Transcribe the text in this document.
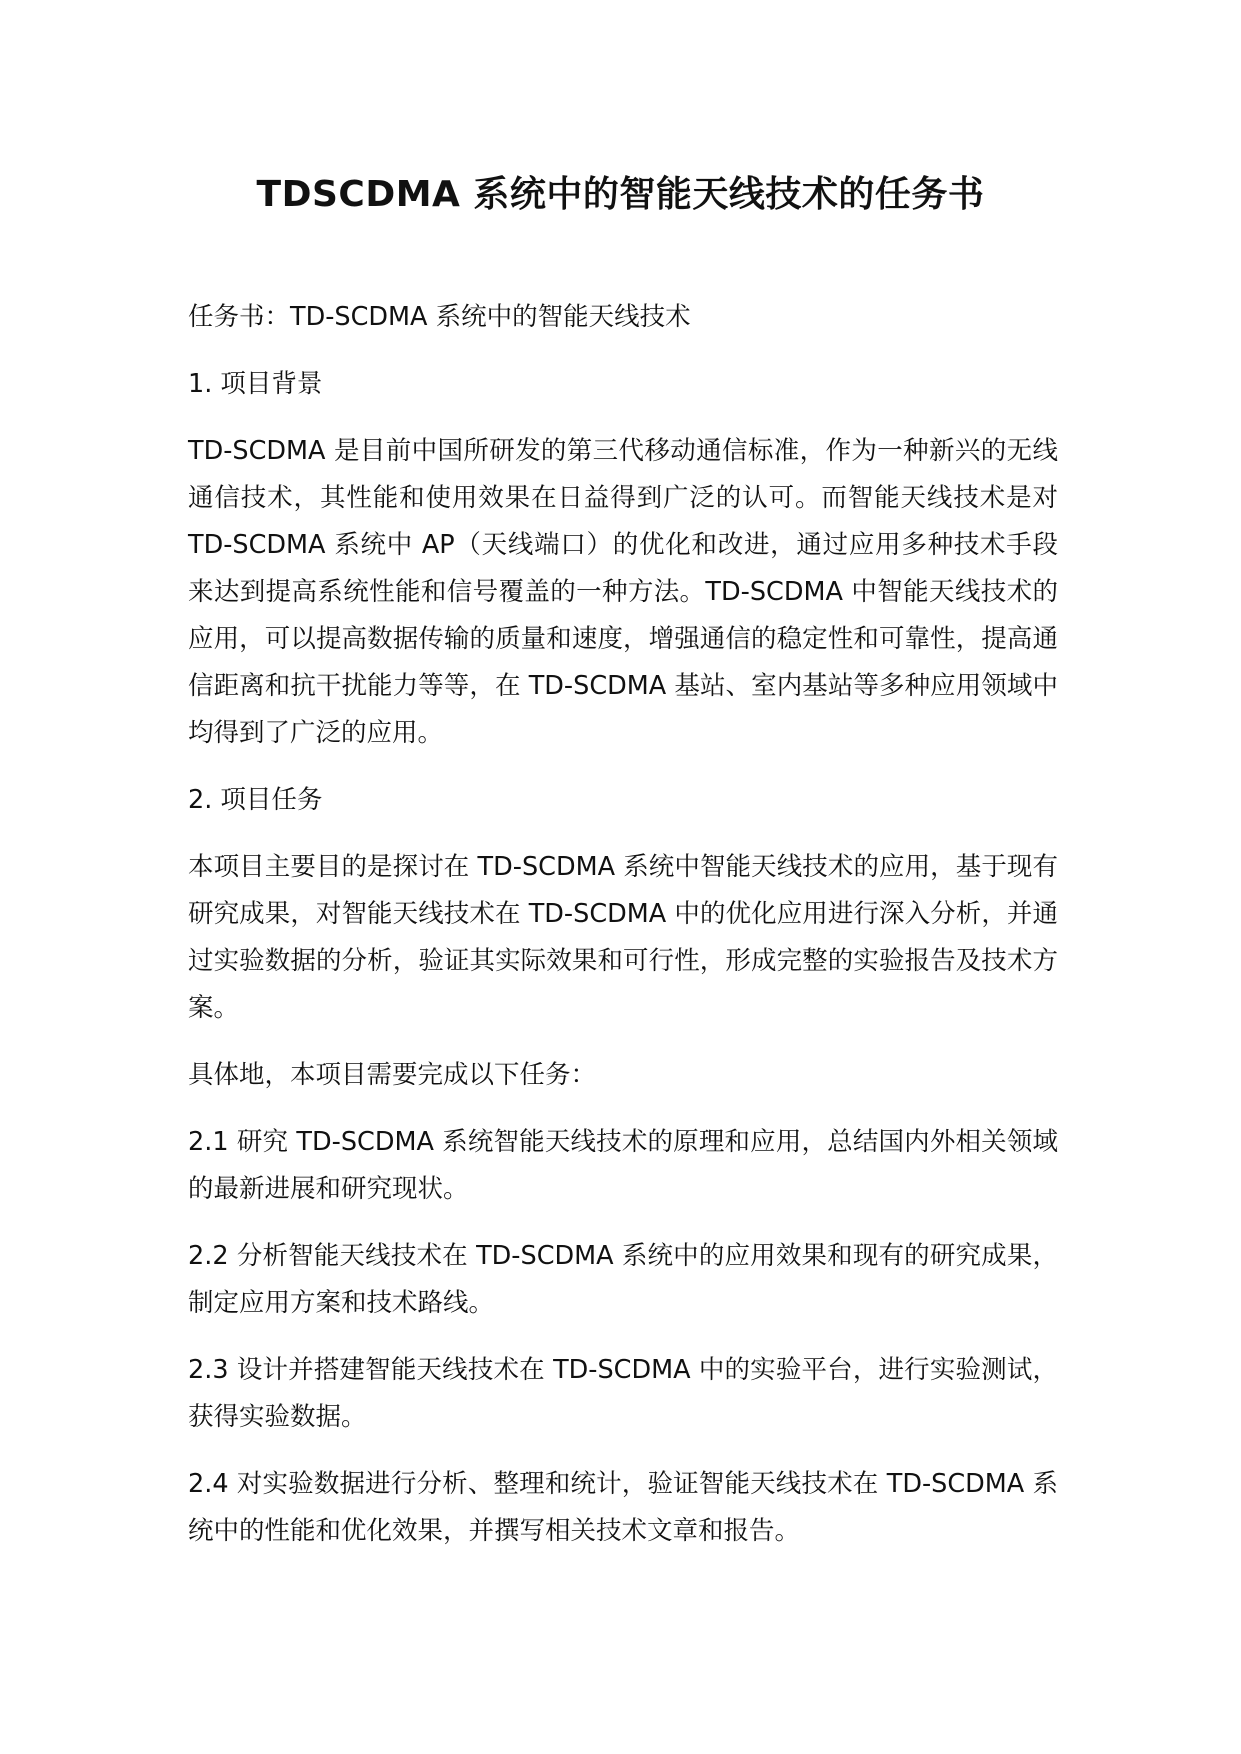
TDSCDMA 系统中的智能天线技术的任务书

任务书：TD-SCDMA 系统中的智能天线技术

1. 项目背景

TD-SCDMA 是目前中国所研发的第三代移动通信标准，作为一种新兴的无线通信技术，其性能和使用效果在日益得到广泛的认可。而智能天线技术是对 TD-SCDMA 系统中 AP（天线端口）的优化和改进，通过应用多种技术手段来达到提高系统性能和信号覆盖的一种方法。TD-SCDMA 中智能天线技术的应用，可以提高数据传输的质量和速度，增强通信的稳定性和可靠性，提高通信距离和抗干扰能力等等，在 TD-SCDMA 基站、室内基站等多种应用领域中均得到了广泛的应用。

2. 项目任务

本项目主要目的是探讨在 TD-SCDMA 系统中智能天线技术的应用，基于现有研究成果，对智能天线技术在 TD-SCDMA 中的优化应用进行深入分析，并通过实验数据的分析，验证其实际效果和可行性，形成完整的实验报告及技术方案。

具体地，本项目需要完成以下任务：

2.1 研究 TD-SCDMA 系统智能天线技术的原理和应用，总结国内外相关领域的最新进展和研究现状。

2.2 分析智能天线技术在 TD-SCDMA 系统中的应用效果和现有的研究成果，制定应用方案和技术路线。

2.3 设计并搭建智能天线技术在 TD-SCDMA 中的实验平台，进行实验测试，获得实验数据。

2.4 对实验数据进行分析、整理和统计，验证智能天线技术在 TD-SCDMA 系统中的性能和优化效果，并撰写相关技术文章和报告。
